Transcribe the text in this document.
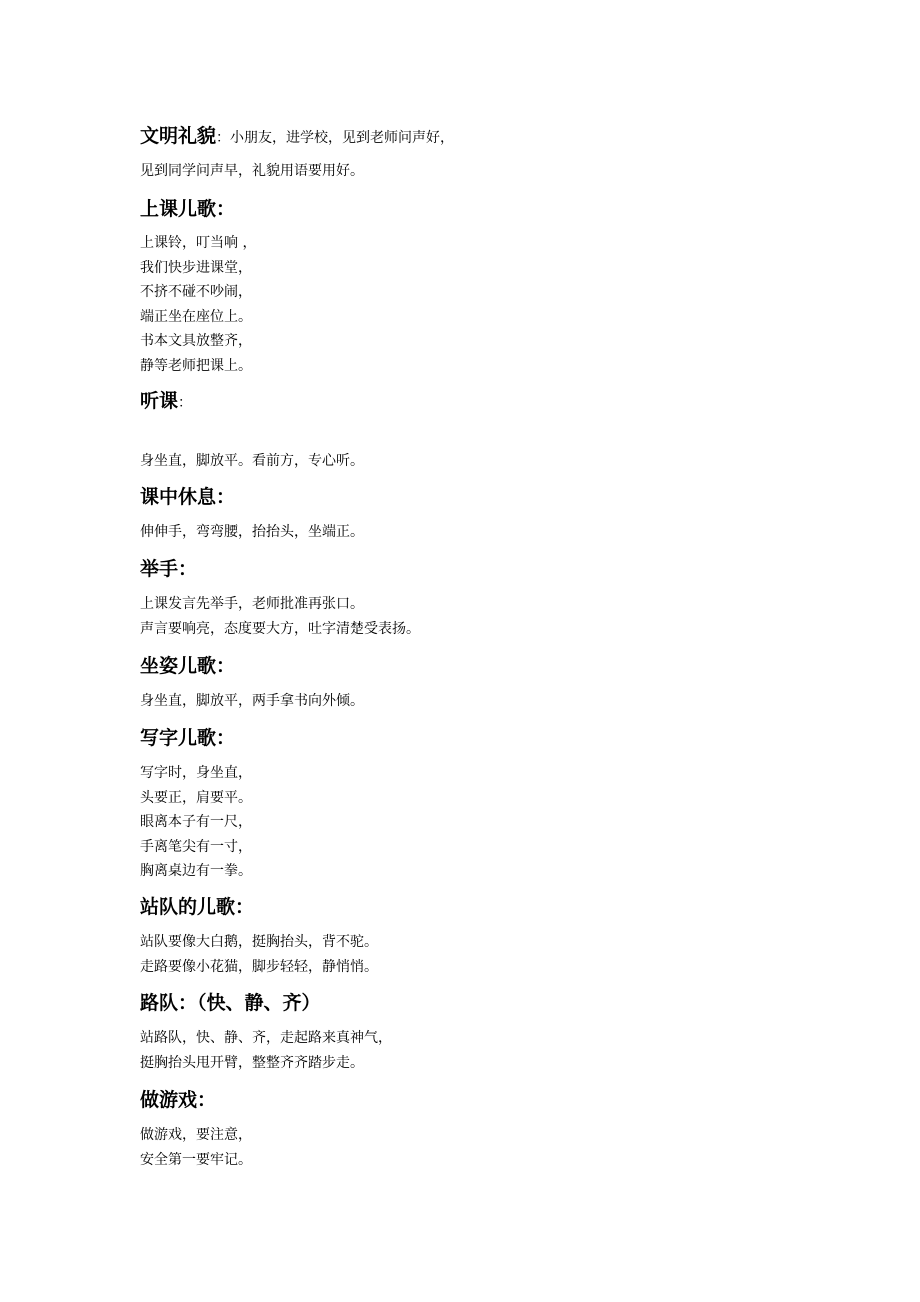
文明礼貌：小朋友，进学校，见到老师问声好，
见到同学问声早，礼貌用语要用好。
上课儿歌：
上课铃，叮当响 ，
我们快步进课堂，
不挤不碰不吵闹，
端正坐在座位上。
书本文具放整齐，
静等老师把课上。
听课：
身坐直，脚放平。看前方，专心听。
课中休息：
伸伸手，弯弯腰，抬抬头，坐端正。
举手：
上课发言先举手，老师批准再张口。
声言要响亮，态度要大方，吐字清楚受表扬。
坐姿儿歌：
身坐直，脚放平，两手拿书向外倾。
写字儿歌：
写字时，身坐直，
头要正，肩要平。
眼离本子有一尺，
手离笔尖有一寸，
胸离桌边有一拳。
站队的儿歌：
站队要像大白鹅，挺胸抬头，背不驼。
走路要像小花猫，脚步轻轻，静悄悄。
路队：（快、静、齐）
站路队，快、静、齐，走起路来真神气，
挺胸抬头甩开臂，整整齐齐踏步走。
做游戏：
做游戏，要注意，
安全第一要牢记。
